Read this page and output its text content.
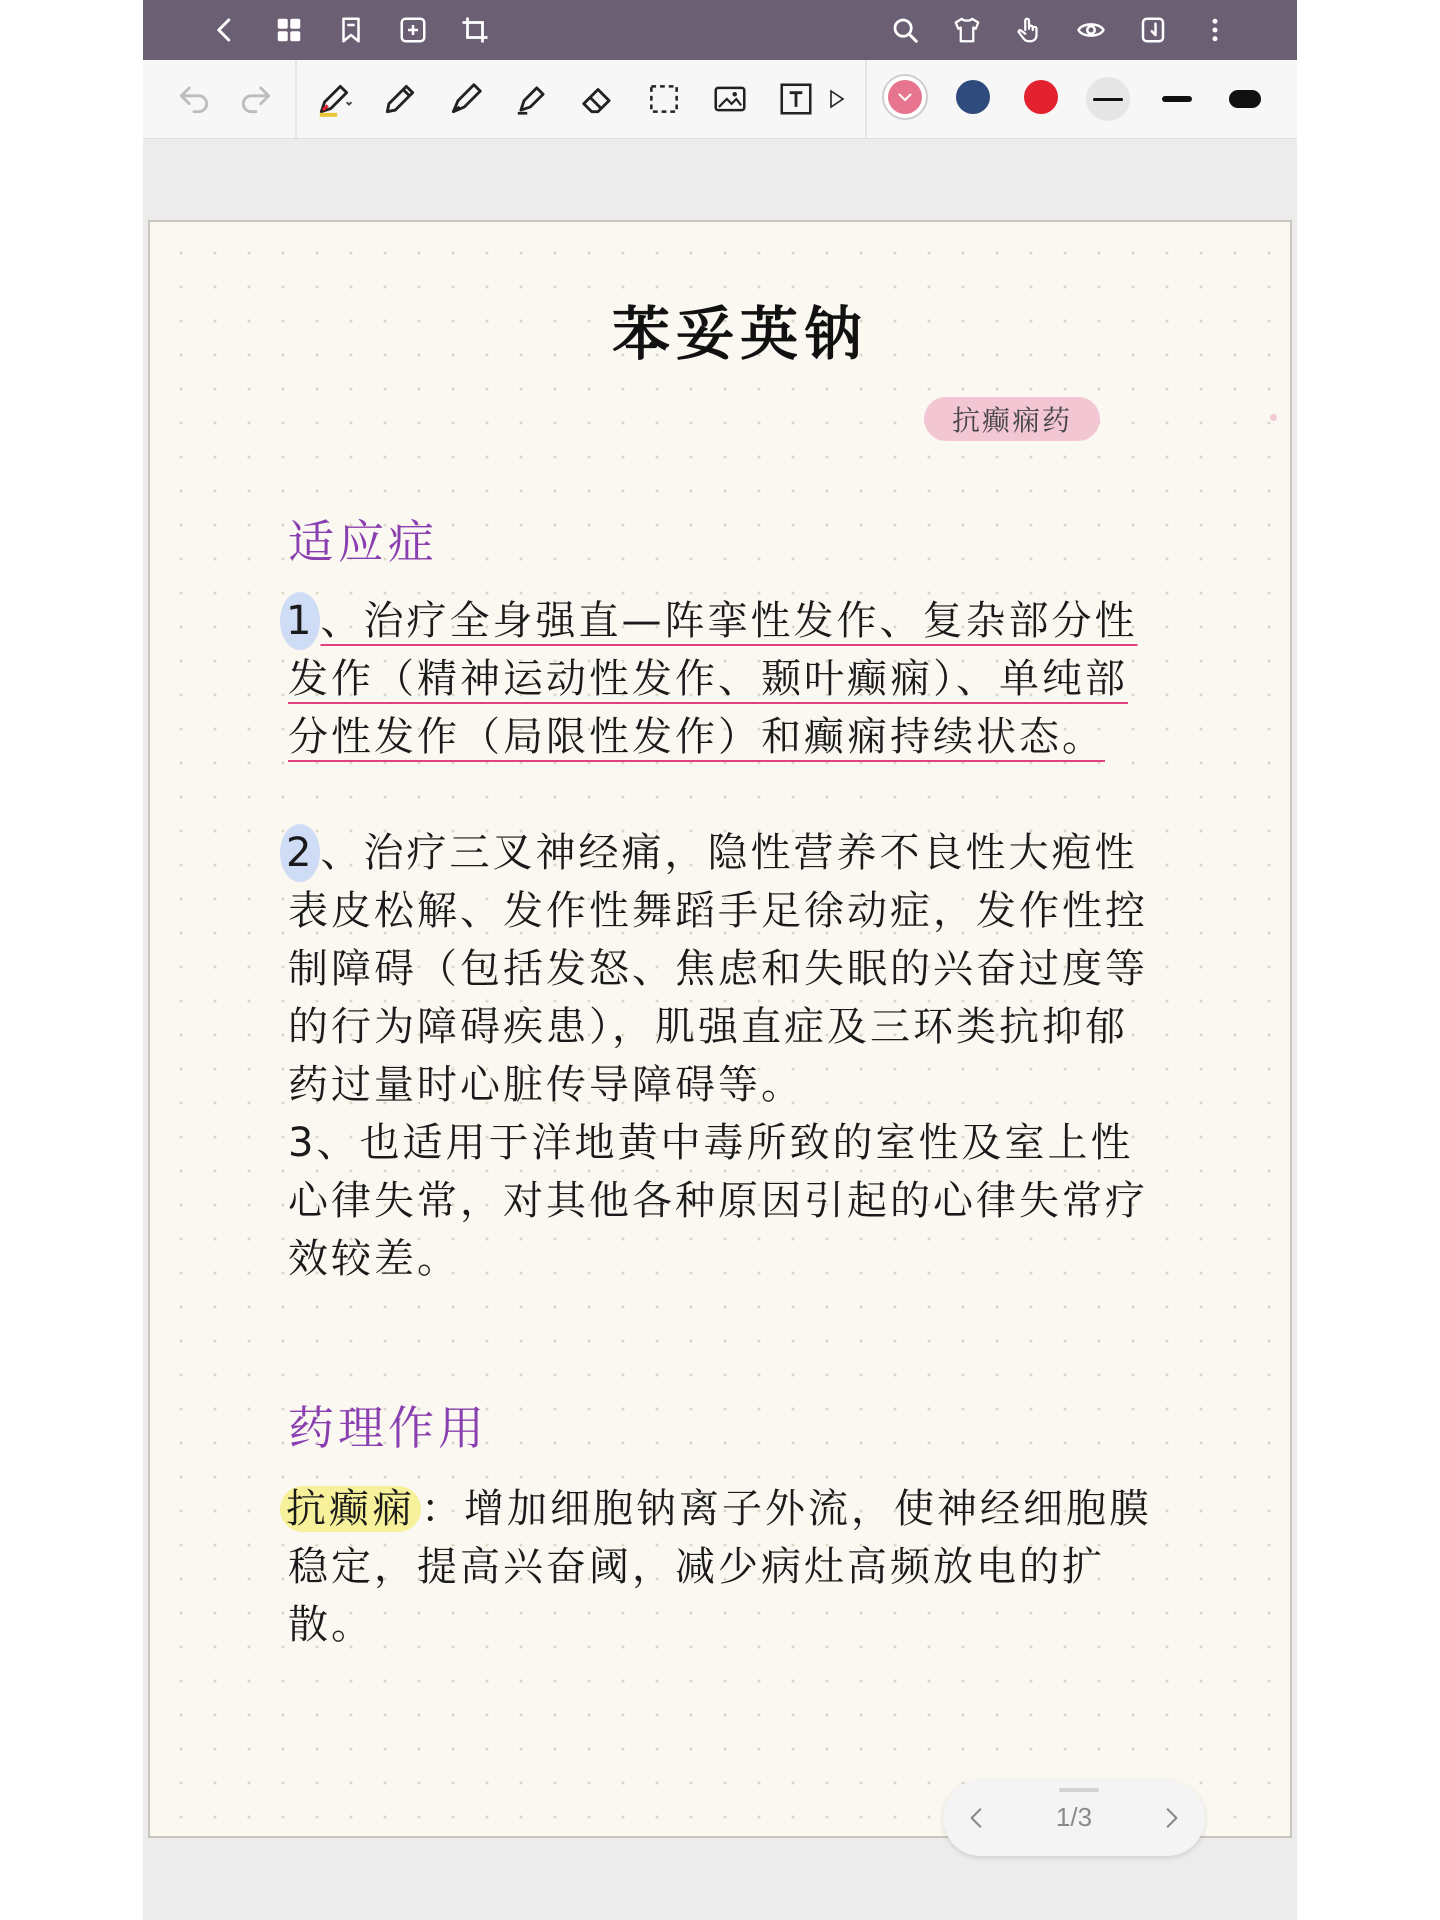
苯妥英钠
抗癫痫药
适应症

1 、治疗全身强直—阵挛性发作、复杂部分性发作（精神运动性发作、颞叶癫痫）、单纯部分性发作（局限性发作）和癫痫持续状态。

2 、治疗三叉神经痛，隐性营养不良性大疱性表皮松解、发作性舞蹈手足徐动症，发作性控制障碍（包括发怒、焦虑和失眠的兴奋过度等的行为障碍疾患），肌强直症及三环类抗抑郁药过量时心脏传导障碍等。

3、也适用于洋地黄中毒所致的室性及室上性心律失常，对其他各种原因引起的心律失常疗效较差。

药理作用

抗癫痫 ：增加细胞钠离子外流，使神经细胞膜稳定，提高兴奋阈，减少病灶高频放电的扩散。

1/3
